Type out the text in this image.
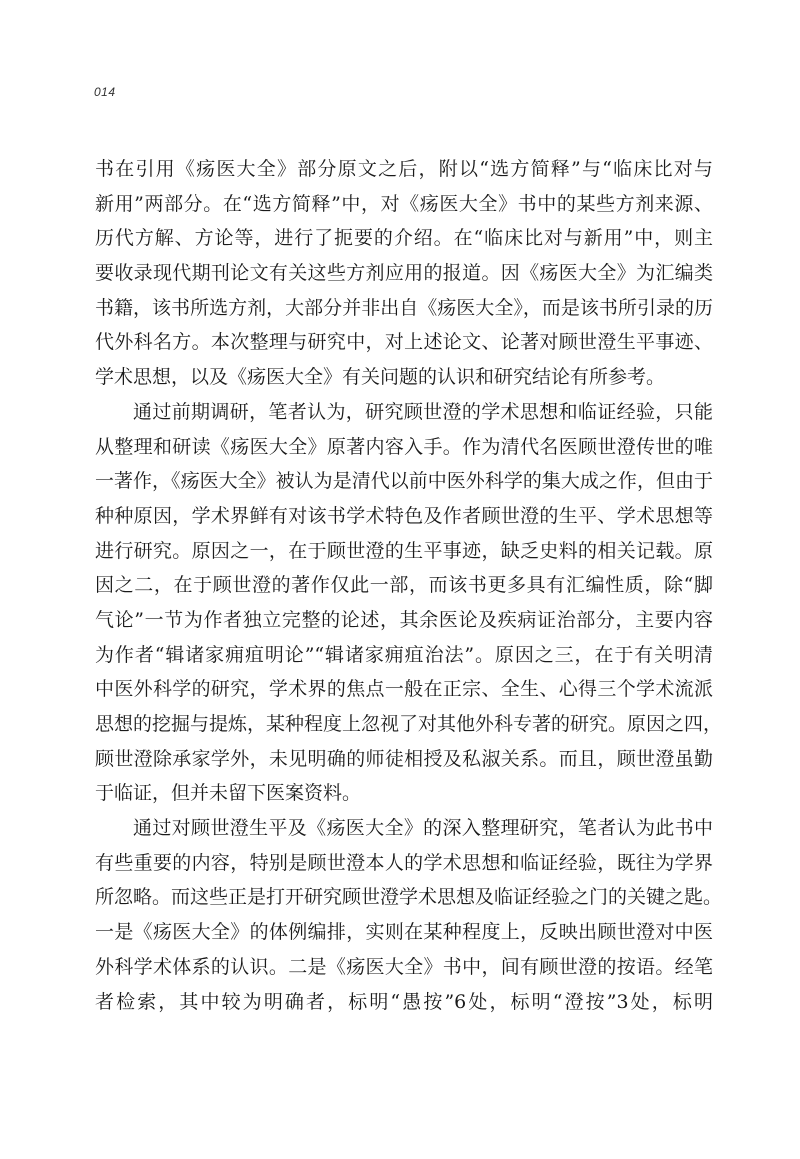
014
书在引用《疡医大全》部分原文之后，附以“选方简释”与“临床比对与
新用”两部分。在“选方简释”中，对《疡医大全》书中的某些方剂来源、
历代方解、方论等，进行了扼要的介绍。在“临床比对与新用”中，则主
要收录现代期刊论文有关这些方剂应用的报道。因《疡医大全》为汇编类
书籍，该书所选方剂，大部分并非出自《疡医大全》，而是该书所引录的历
代外科名方。本次整理与研究中，对上述论文、论著对顾世澄生平事迹、
学术思想，以及《疡医大全》有关问题的认识和研究结论有所参考。
通过前期调研，笔者认为，研究顾世澄的学术思想和临证经验，只能
从整理和研读《疡医大全》原著内容入手。作为清代名医顾世澄传世的唯
一著作，《疡医大全》被认为是清代以前中医外科学的集大成之作，但由于
种种原因，学术界鲜有对该书学术特色及作者顾世澄的生平、学术思想等
进行研究。原因之一，在于顾世澄的生平事迹，缺乏史料的相关记载。原
因之二，在于顾世澄的著作仅此一部，而该书更多具有汇编性质，除“脚
气论”一节为作者独立完整的论述，其余医论及疾病证治部分，主要内容
为作者“辑诸家痈疽明论”“辑诸家痈疽治法”。原因之三，在于有关明清
中医外科学的研究，学术界的焦点一般在正宗、全生、心得三个学术流派
思想的挖掘与提炼，某种程度上忽视了对其他外科专著的研究。原因之四，
顾世澄除承家学外，未见明确的师徒相授及私淑关系。而且，顾世澄虽勤
于临证，但并未留下医案资料。
通过对顾世澄生平及《疡医大全》的深入整理研究，笔者认为此书中
有些重要的内容，特别是顾世澄本人的学术思想和临证经验，既往为学界
所忽略。而这些正是打开研究顾世澄学术思想及临证经验之门的关键之匙。
一是《疡医大全》的体例编排，实则在某种程度上，反映出顾世澄对中医
外科学术体系的认识。二是《疡医大全》书中，间有顾世澄的按语。经笔
者检索，其中较为明确者，标明“愚按”6处，标明“澄按”3处，标明
